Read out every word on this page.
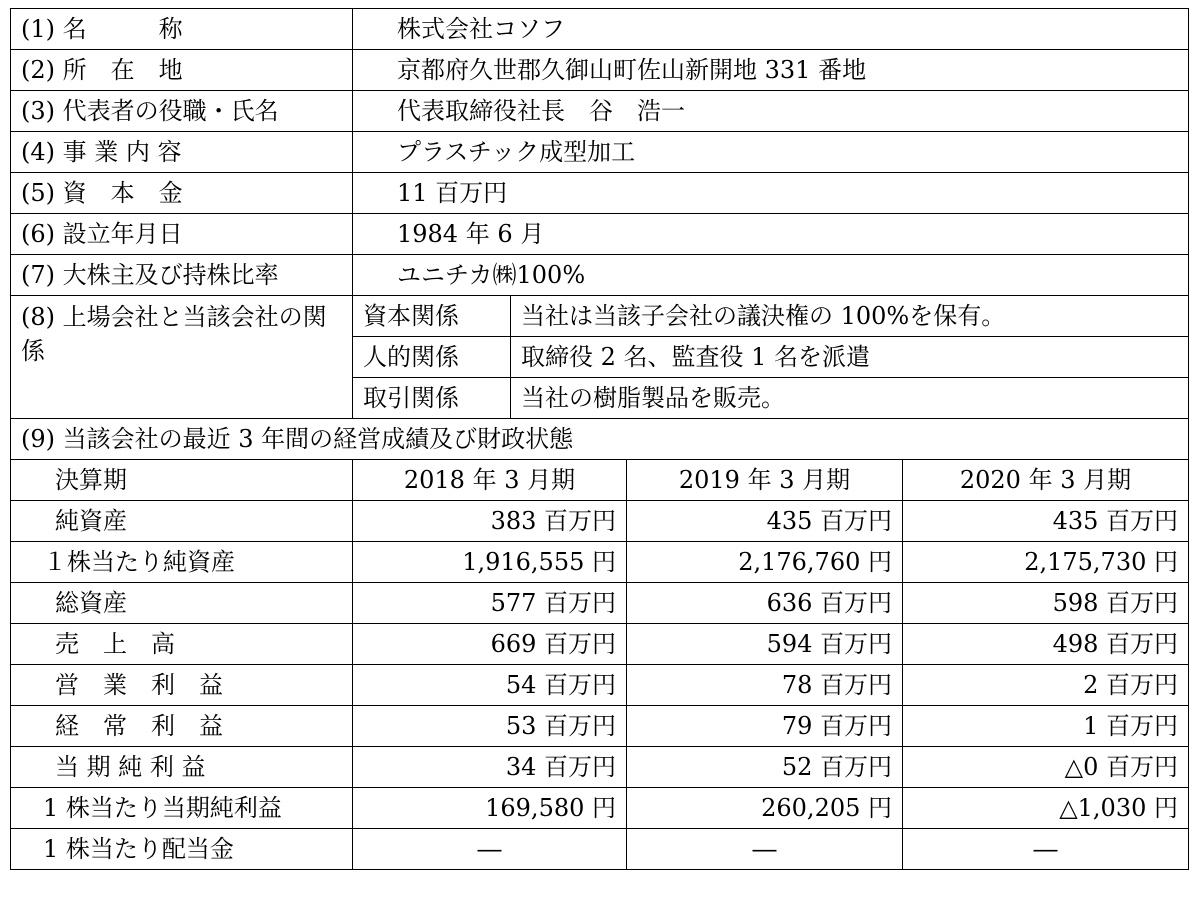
(1) 名　　　称	株式会社コソフ			
(2) 所　在　地	京都府久世郡久御山町佐山新開地 331 番地			
(3) 代表者の役職・氏名	代表取締役社長　谷　浩一			
(4) 事 業 内 容	プラスチック成型加工			
(5) 資　本　金	11 百万円			
(6) 設立年月日	1984 年 6 月			
(7) 大株主及び持株比率	ユニチカ㈱100%			
(8) 上場会社と当該会社の関係	資本関係	当社は当該子会社の議決権の 100%を保有。		
	人的関係	取締役 2 名、監査役 1 名を派遣		
	取引関係	当社の樹脂製品を販売。		
(9) 当該会社の最近 3 年間の経営成績及び財政状態				
決算期	2018 年 3 月期		2019 年 3 月期	2020 年 3 月期
純資産	383 百万円		435 百万円	435 百万円
１株当たり純資産	1,916,555 円		2,176,760 円	2,175,730 円
総資産	577 百万円		636 百万円	598 百万円
売　上　高	669 百万円		594 百万円	498 百万円
営　業　利　益	54 百万円		78 百万円	2 百万円
経　常　利　益	53 百万円		79 百万円	1 百万円
当 期 純 利 益	34 百万円		52 百万円	△0 百万円
1 株当たり当期純利益	169,580 円		260,205 円	△1,030 円
1 株当たり配当金	―		―	―
